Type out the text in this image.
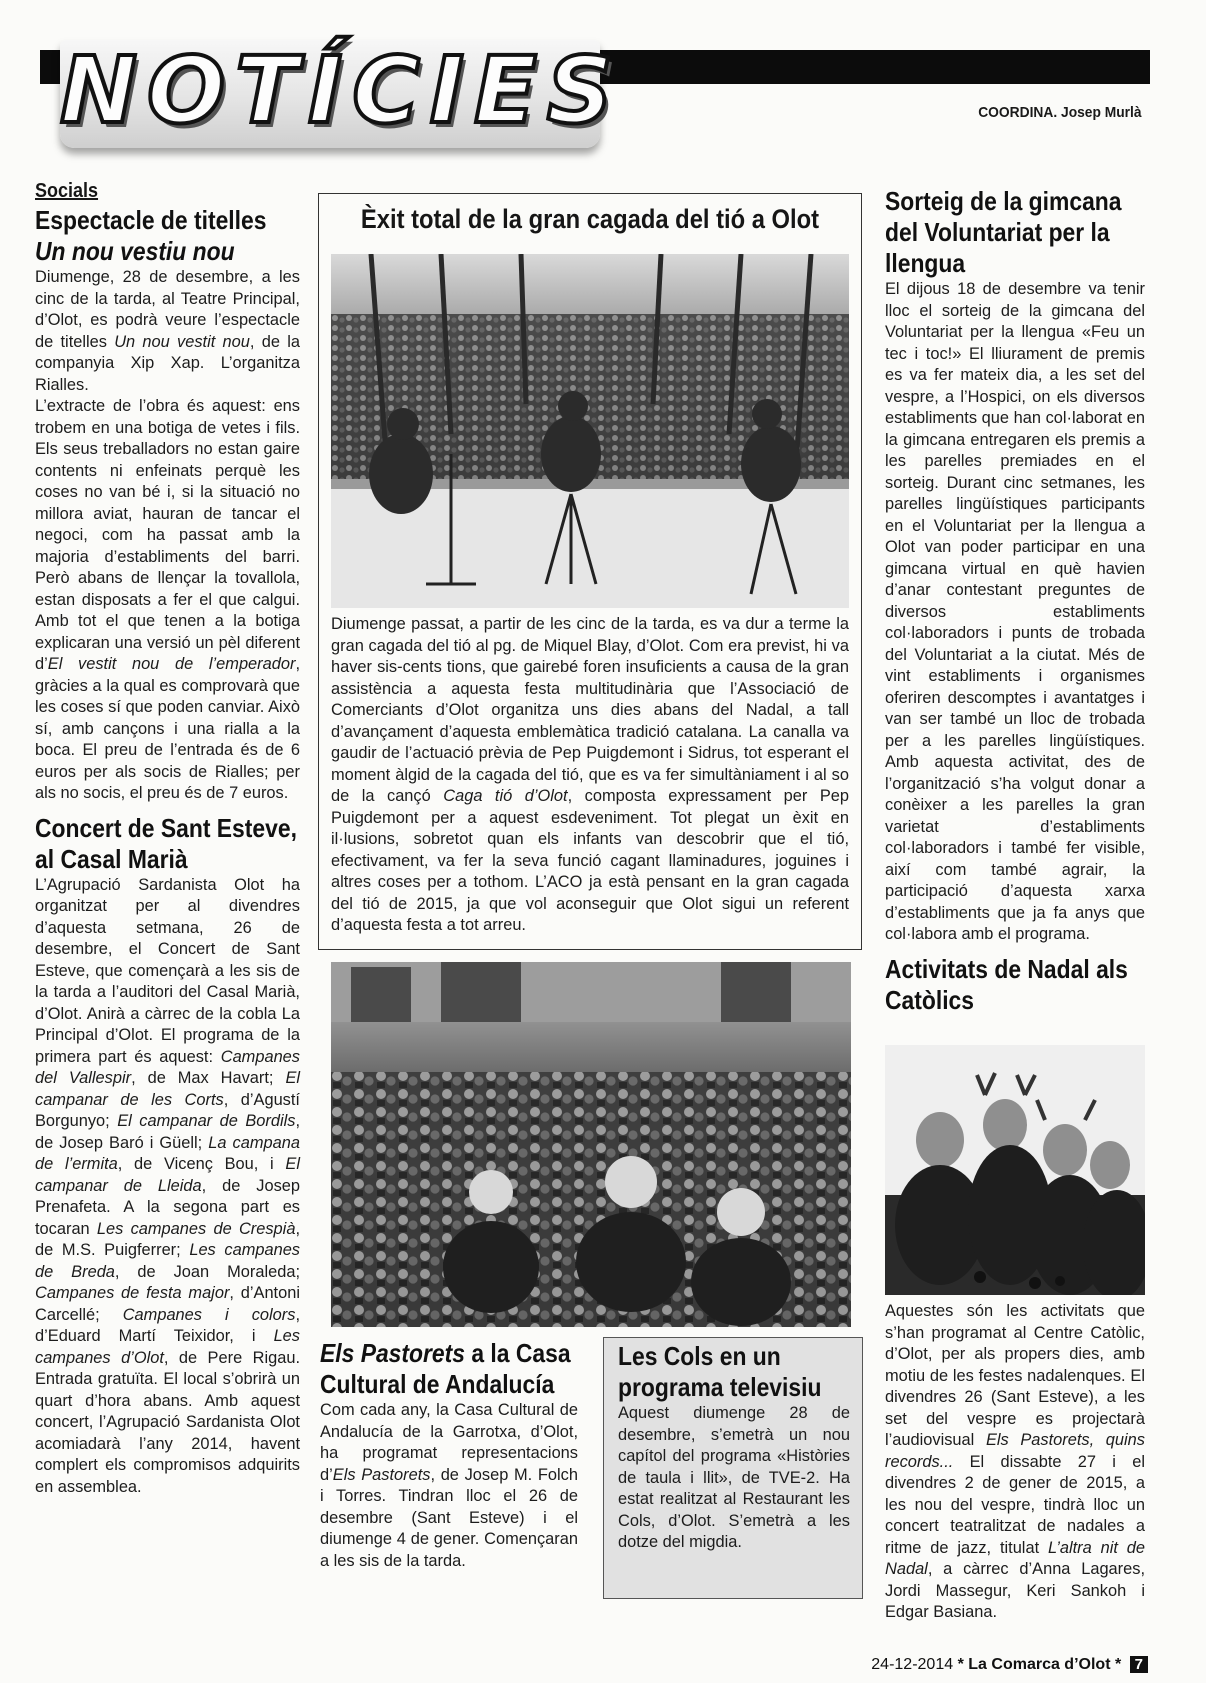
NOTÍCIES	COORDINA. Josep Murlà

Socials

Espectacle de titelles
Un nou vestiu nou

Diumenge, 28 de desembre, a les cinc de la tarda, al Teatre Principal, d’Olot, es podrà veure l’espectacle de titelles Un nou vestit nou, de la companyia Xip Xap. L’organitza Rialles.

L’extracte de l’obra és aquest: ens trobem en una botiga de vetes i fils. Els seus treballadors no estan gaire contents ni enfeinats perquè les coses no van bé i, si la situació no millora aviat, hauran de tancar el negoci, com ha passat amb la majoria d’establiments del barri. Però abans de llençar la tovallola, estan disposats a fer el que calgui. Amb tot el que tenen a la botiga explicaran una versió un pèl diferent d’El vestit nou de l’emperador, gràcies a la qual es comprovarà que les coses sí que poden canviar. Això sí, amb cançons i una rialla a la boca. El preu de l’entrada és de 6 euros per als socis de Rialles; per als no socis, el preu és de 7 euros.

Concert de Sant Esteve, al Casal Marià

L’Agrupació Sardanista Olot ha organitzat per al divendres d’aquesta setmana, 26 de desembre, el Concert de Sant Esteve, que començarà a les sis de la tarda a l’auditori del Casal Marià, d’Olot. Anirà a càrrec de la cobla La Principal d’Olot. El programa de la primera part és aquest: Campanes del Vallespir, de Max Havart; El campanar de les Corts, d’Agustí Borgunyo; El campanar de Bordils, de Josep Baró i Güell; La campana de l’ermita, de Vicenç Bou, i El campanar de Lleida, de Josep Prenafeta. A la segona part es tocaran Les campanes de Crespià, de M.S. Puigferrer; Les campanes de Breda, de Joan Moraleda; Campanes de festa major, d’Antoni Carcellé; Campanes i colors, d’Eduard Martí Teixidor, i Les campanes d’Olot, de Pere Rigau. Entrada gratuïta. El local s’obrirà un quart d’hora abans. Amb aquest concert, l’Agrupació Sardanista Olot acomiadarà l’any 2014, havent complert els compromisos adquirits en assemblea.

Èxit total de la gran cagada del tió a Olot

Diumenge passat, a partir de les cinc de la tarda, es va dur a terme la gran cagada del tió al pg. de Miquel Blay, d’Olot. Com era previst, hi va haver sis-cents tions, que gairebé foren insuficients a causa de la gran assistència a aquesta festa multitudinària que l’Associació de Comerciants d’Olot organitza uns dies abans del Nadal, a tall d’avançament d’aquesta emblemàtica tradició catalana. La canalla va gaudir de l’actuació prèvia de Pep Puigdemont i Sidrus, tot esperant el moment àlgid de la cagada del tió, que es va fer simultàniament i al so de la cançó Caga tió d’Olot, composta expressament per Pep Puigdemont per a aquest esdeveniment. Tot plegat un èxit en il·lusions, sobretot quan els infants van descobrir que el tió, efectivament, va fer la seva funció cagant llaminadures, joguines i altres coses per a tothom. L’ACO ja està pensant en la gran cagada del tió de 2015, ja que vol aconseguir que Olot sigui un referent d’aquesta festa a tot arreu.

Els Pastorets a la Casa Cultural de Andalucía

Com cada any, la Casa Cultural de Andalucía de la Garrotxa, d’Olot, ha programat representacions d’Els Pastorets, de Josep M. Folch i Torres. Tindran lloc el 26 de desembre (Sant Esteve) i el diumenge 4 de gener. Començaran a les sis de la tarda.

Les Cols en un programa televisiu

Aquest diumenge 28 de desembre, s’emetrà un nou capítol del programa «Històries de taula i llit», de TVE-2. Ha estat realitzat al Restaurant les Cols, d’Olot. S’emetrà a les dotze del migdia.

Sorteig de la gimcana del Voluntariat per la llengua

El dijous 18 de desembre va tenir lloc el sorteig de la gimcana del Voluntariat per la llengua «Feu un tec i toc!» El lliurament de premis es va fer mateix dia, a les set del vespre, a l’Hospici, on els diversos establiments que han col·laborat en la gimcana entregaren els premis a les parelles premiades en el sorteig. Durant cinc setmanes, les parelles lingüístiques participants en el Voluntariat per la llengua a Olot van poder participar en una gimcana virtual en què havien d’anar contestant preguntes de diversos establiments col·laboradors i punts de trobada del Voluntariat a la ciutat. Més de vint establiments i organismes oferiren descomptes i avantatges i van ser també un lloc de trobada per a les parelles lingüístiques. Amb aquesta activitat, des de l’organització s’ha volgut donar a conèixer a les parelles la gran varietat d’establiments col·laboradors i també fer visible, així com també agrair, la participació d’aquesta xarxa d’establiments que ja fa anys que col·labora amb el programa.

Activitats de Nadal als Catòlics

Aquestes són les activitats que s’han programat al Centre Catòlic, d’Olot, per als propers dies, amb motiu de les festes nadalenques. El divendres 26 (Sant Esteve), a les set del vespre es projectarà l’audiovisual Els Pastorets, quins records... El dissabte 27 i el divendres 2 de gener de 2015, a les nou del vespre, tindrà lloc un concert teatralitzat de nadales a ritme de jazz, titulat L’altra nit de Nadal, a càrrec d’Anna Lagares, Jordi Massegur, Keri Sankoh i Edgar Basiana.

24-12-2014 * La Comarca d’Olot * 7
